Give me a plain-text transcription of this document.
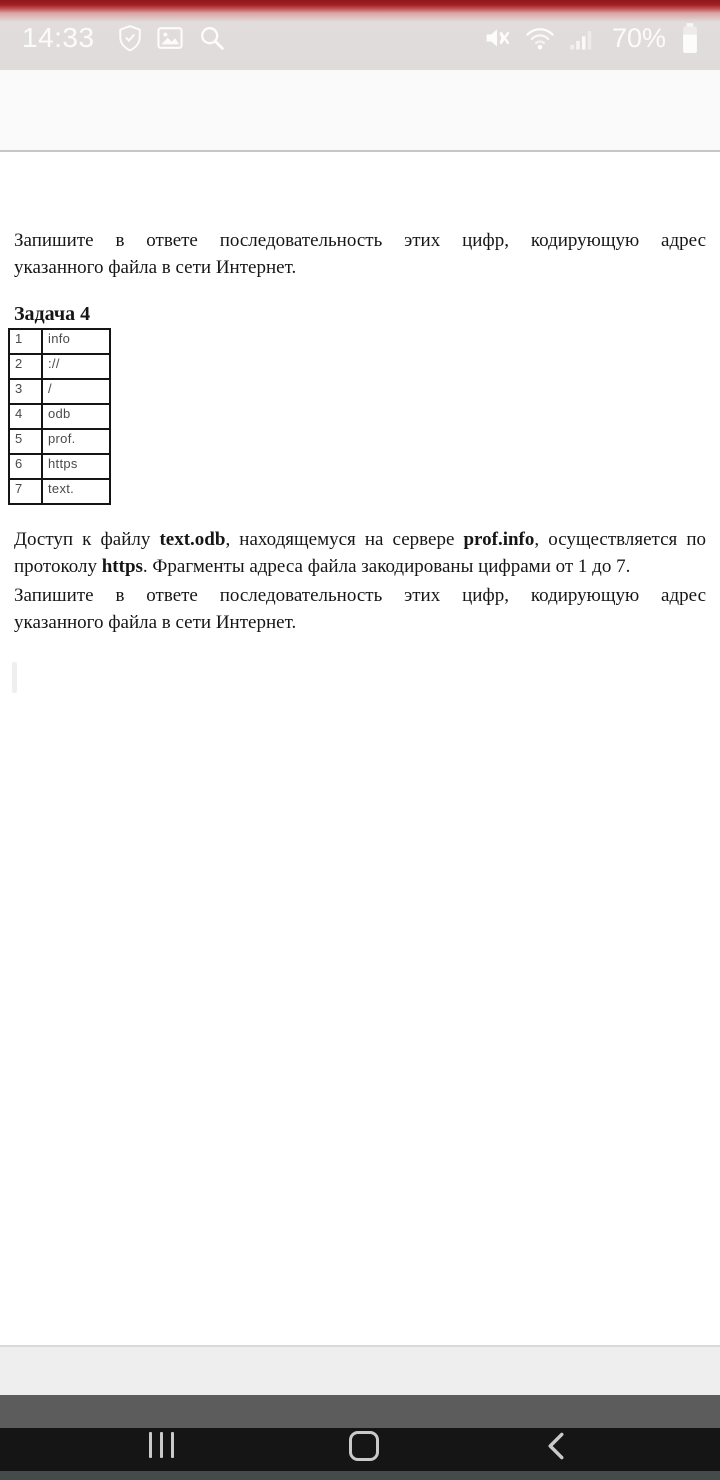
14:33	70%
Запишите в ответе последовательность этих цифр, кодирующую адрес
указанного файла в сети Интернет.
Задача 4
1	info
2	://
3	/
4	odb
5	prof.
6	https
7	text.
Доступ к файлу text.odb, находящемуся на сервере prof.info, осуществляется по
протоколу https. Фрагменты адреса файла закодированы цифрами от 1 до 7.
Запишите в ответе последовательность этих цифр, кодирующую адрес
указанного файла в сети Интернет.
